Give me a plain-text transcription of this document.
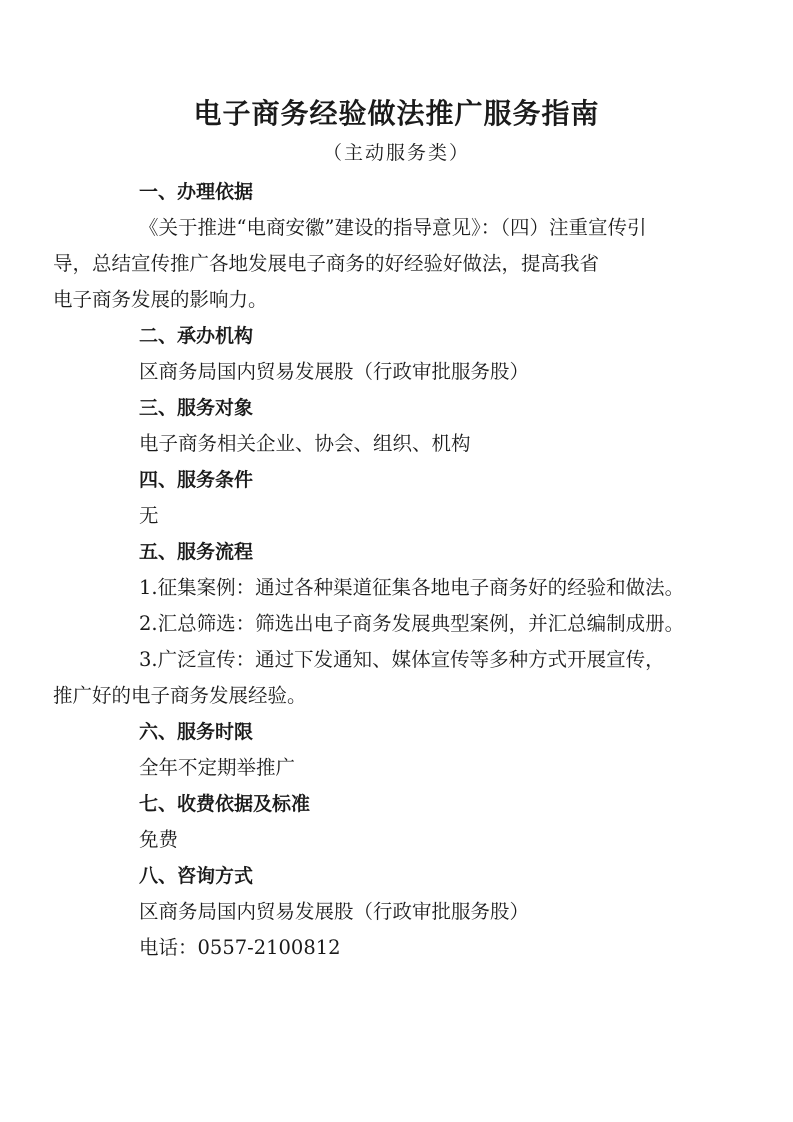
电子商务经验做法推广服务指南
（主动服务类）
一、办理依据
《关于推进“电商安徽”建设的指导意见》：（四）注重宣传引
导，总结宣传推广各地发展电子商务的好经验好做法，提高我省
电子商务发展的影响力。
二、承办机构
区商务局国内贸易发展股（行政审批服务股）
三、服务对象
电子商务相关企业、协会、组织、机构
四、服务条件
无
五、服务流程
1.征集案例：通过各种渠道征集各地电子商务好的经验和做法。
2.汇总筛选：筛选出电子商务发展典型案例，并汇总编制成册。
3.广泛宣传：通过下发通知、媒体宣传等多种方式开展宣传，
推广好的电子商务发展经验。
六、服务时限
全年不定期举推广
七、收费依据及标准
免费
八、咨询方式
区商务局国内贸易发展股（行政审批服务股）
电话：0557-2100812
